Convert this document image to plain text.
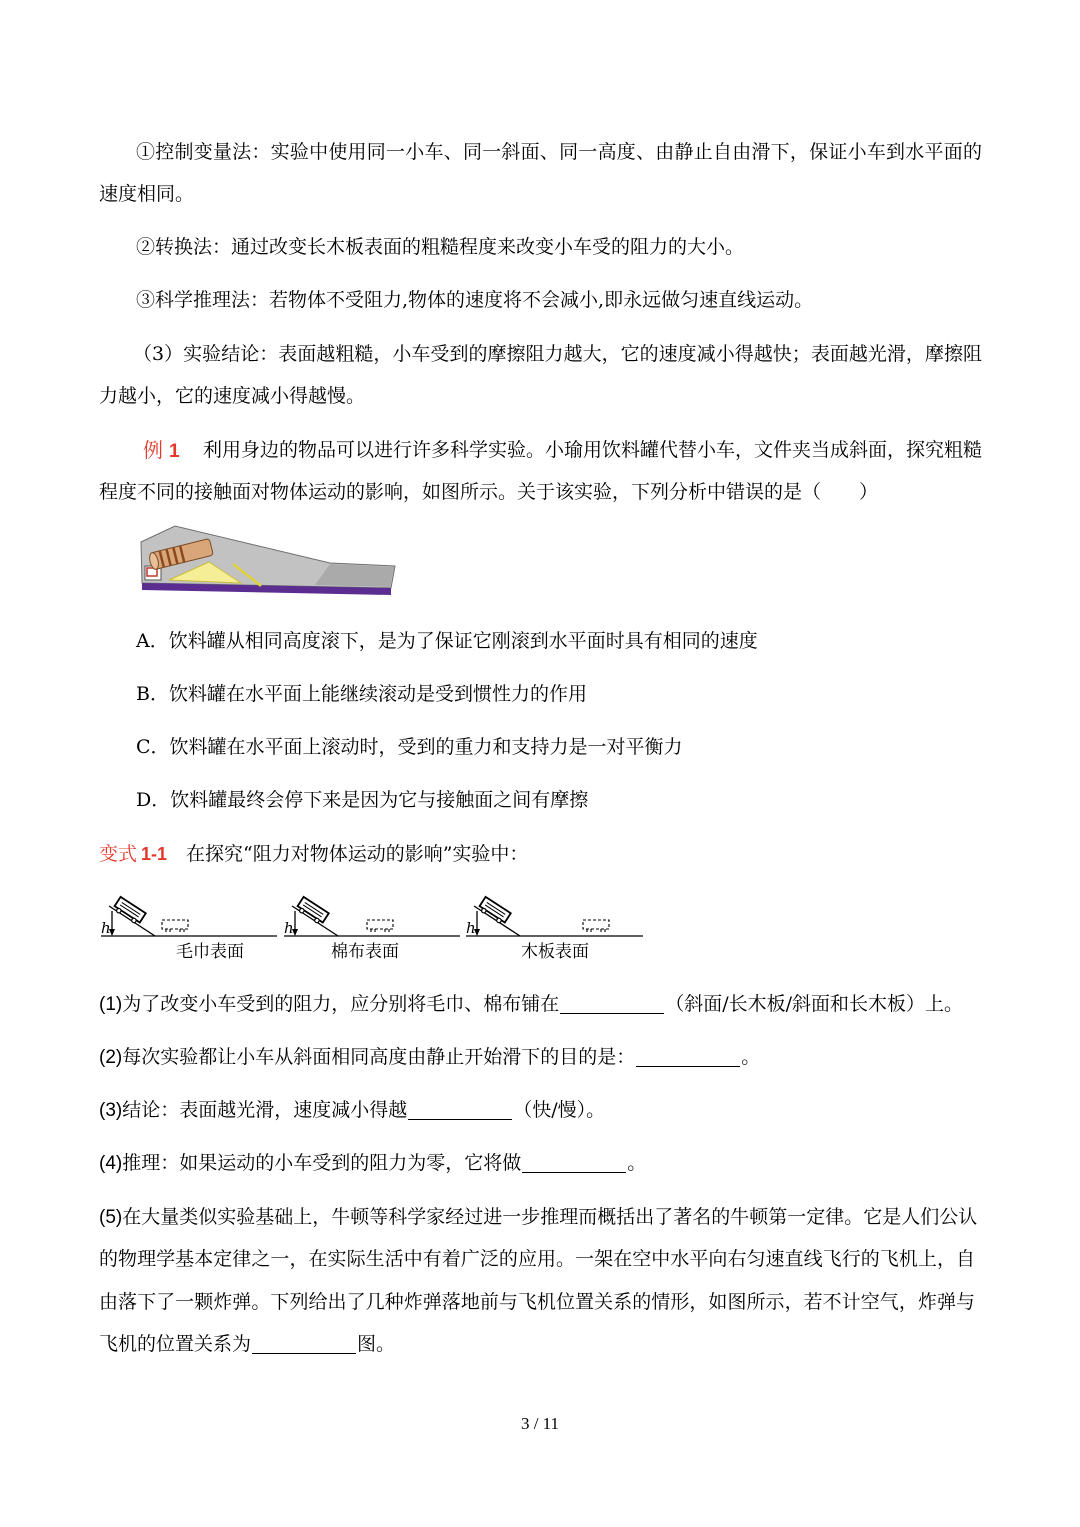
①控制变量法：实验中使用同一小车、同一斜面、同一高度、由静止自由滑下，保证小车到水平面的
速度相同。
②转换法：通过改变长木板表面的粗糙程度来改变小车受的阻力的大小。
③科学推理法：若物体不受阻力,物体的速度将不会减小,即永远做匀速直线运动。
（3）实验结论：表面越粗糙，小车受到的摩擦阻力越大，它的速度减小得越快；表面越光滑，摩擦阻
力越小，它的速度减小得越慢。
例 1 利用身边的物品可以进行许多科学实验。小瑜用饮料罐代替小车，文件夹当成斜面，探究粗糙
程度不同的接触面对物体运动的影响，如图所示。关于该实验，下列分析中错误的是（　　）
A．饮料罐从相同高度滚下，是为了保证它刚滚到水平面时具有相同的速度
B．饮料罐在水平面上能继续滚动是受到惯性力的作用
C．饮料罐在水平面上滚动时，受到的重力和支持力是一对平衡力
D．饮料罐最终会停下来是因为它与接触面之间有摩擦
变式 1-1 在探究“阻力对物体运动的影响”实验中：
h
毛巾表面
h
棉布表面
h
木板表面
(1)为了改变小车受到的阻力，应分别将毛巾、棉布铺在	（斜面/长木板/斜面和长木板）上。
(2)每次实验都让小车从斜面相同高度由静止开始滑下的目的是：	。
(3)结论：表面越光滑，速度减小得越	（快/慢）。
(4)推理：如果运动的小车受到的阻力为零，它将做	。
(5)在大量类似实验基础上，牛顿等科学家经过进一步推理而概括出了著名的牛顿第一定律。它是人们公认
的物理学基本定律之一，在实际生活中有着广泛的应用。一架在空中水平向右匀速直线飞行的飞机上，自
由落下了一颗炸弹。下列给出了几种炸弹落地前与飞机位置关系的情形，如图所示，若不计空气，炸弹与
飞机的位置关系为	图。
3 / 11
